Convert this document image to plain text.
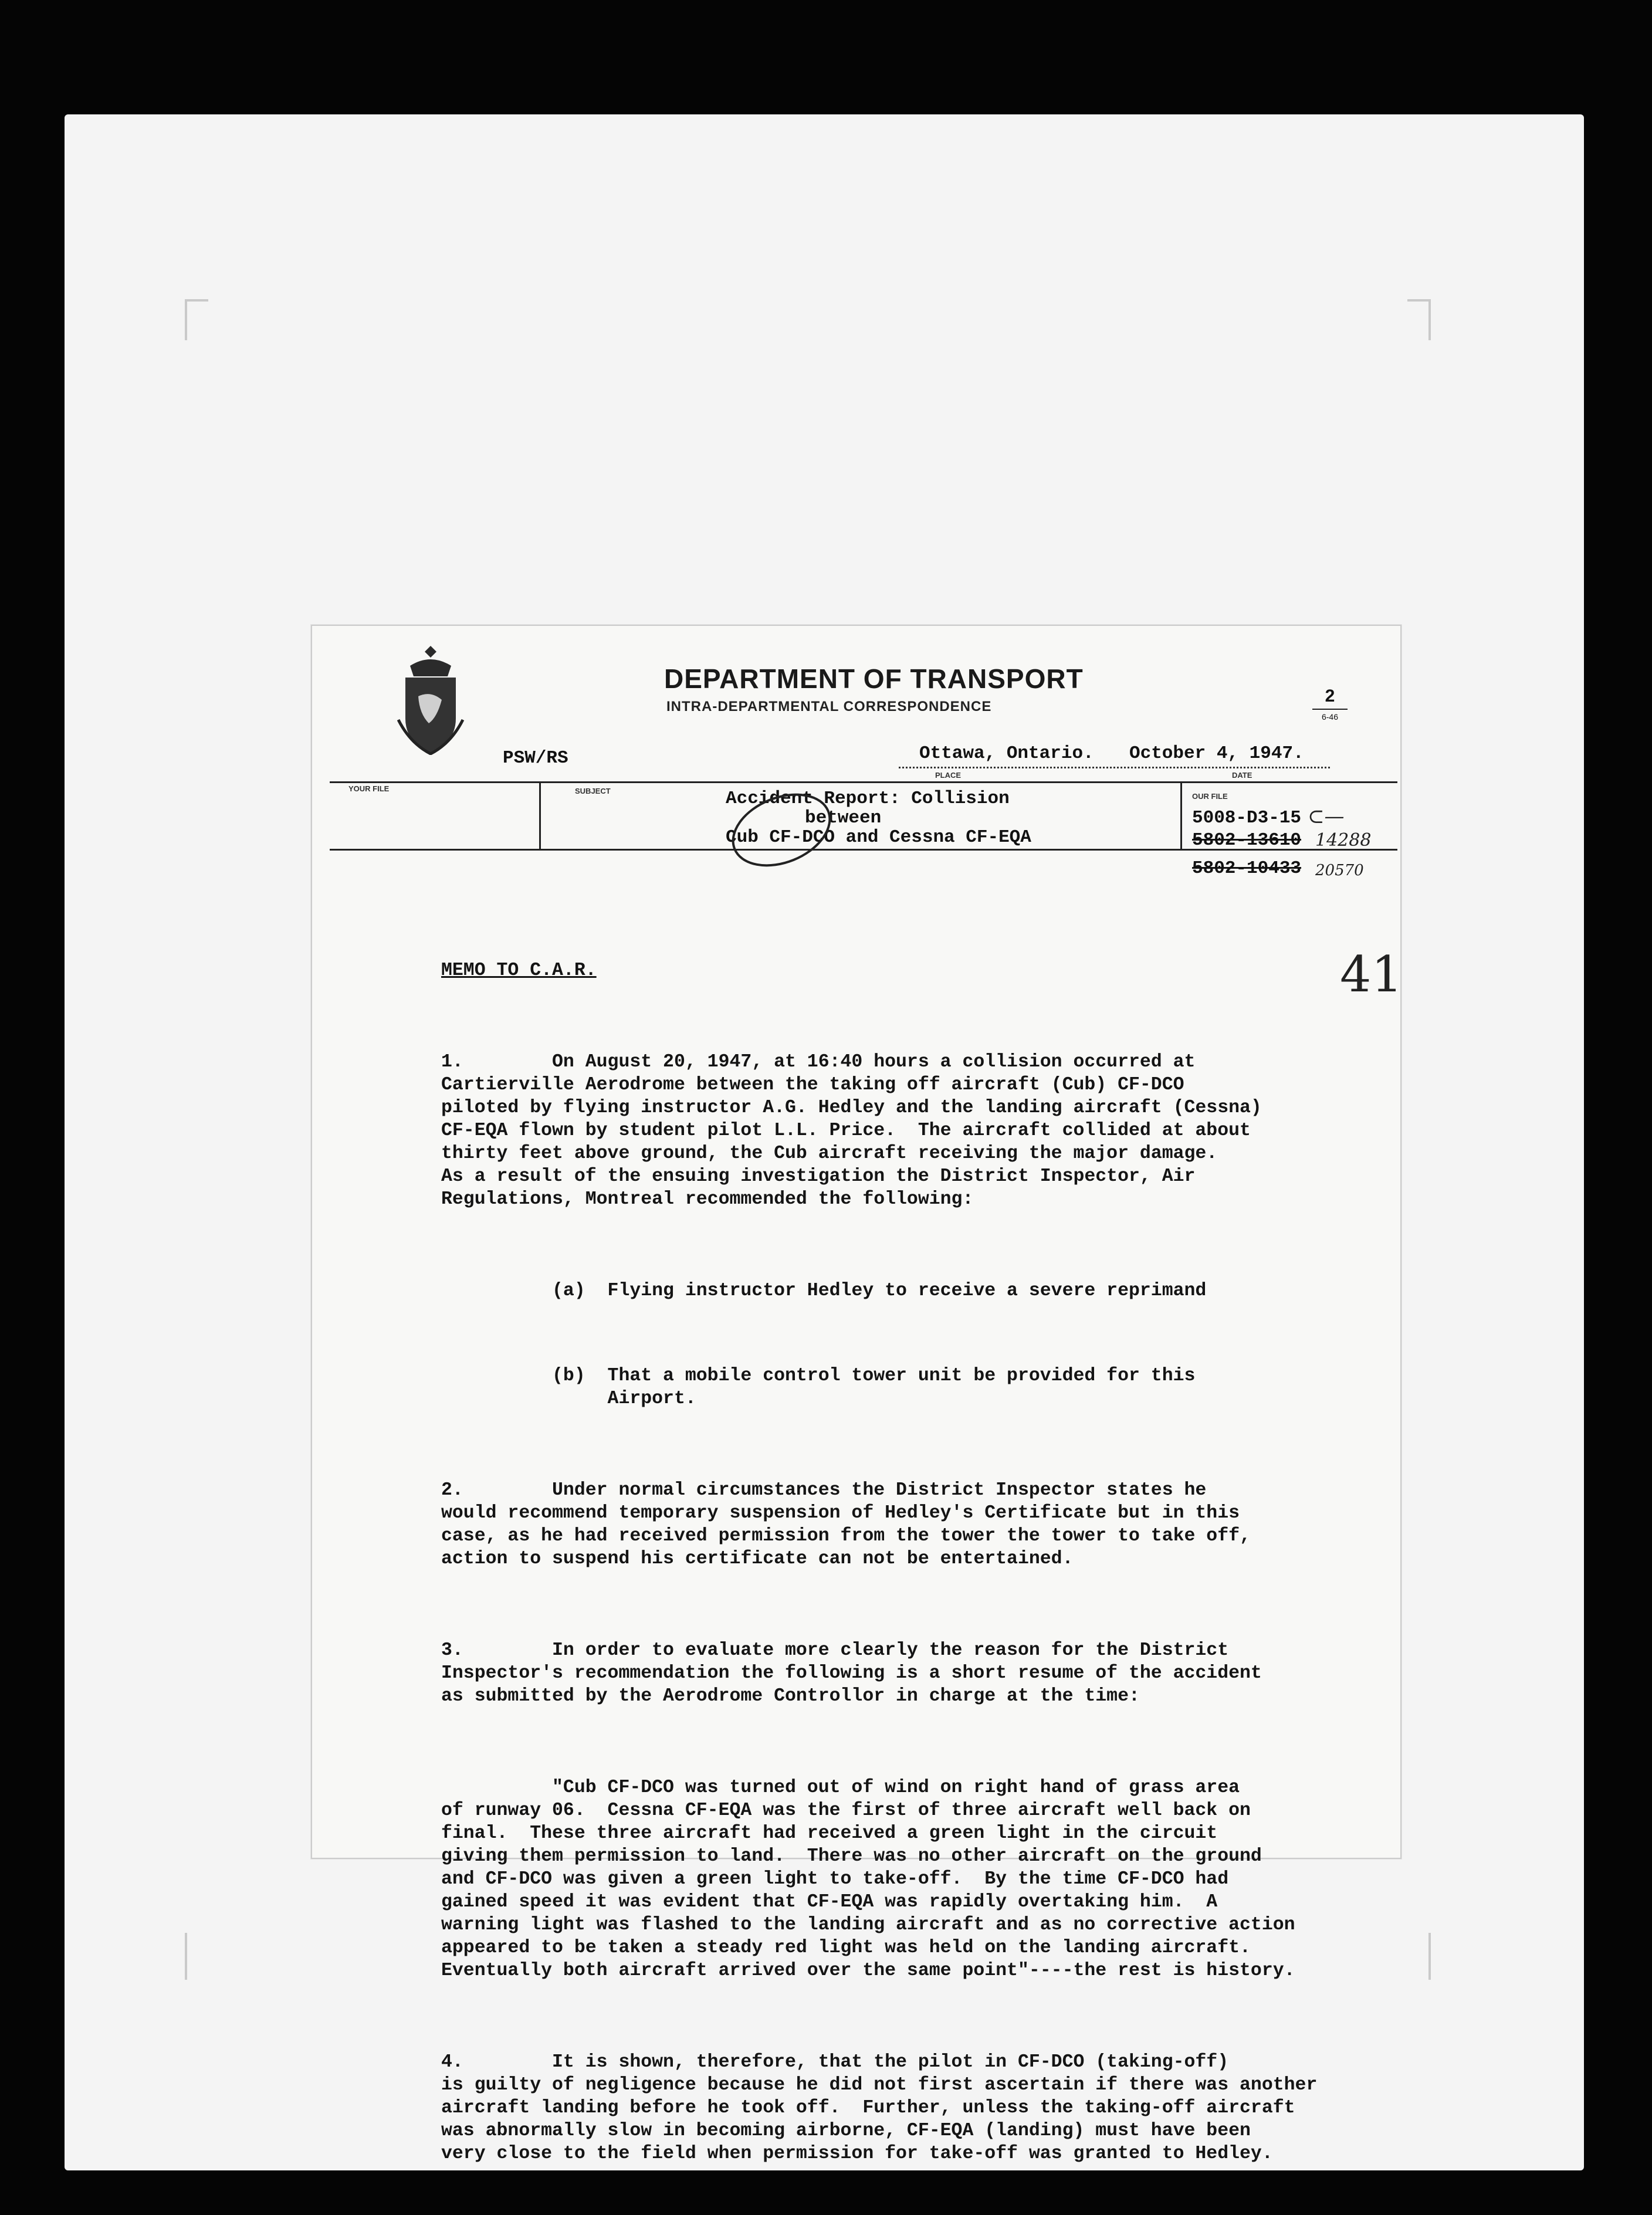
DEPARTMENT OF TRANSPORT
INTRA-DEPARTMENTAL CORRESPONDENCE
2
6-46
PSW/RS	Ottawa, Ontario. October 4, 1947.
PLACE	DATE
YOUR FILE	SUBJECT
OUR FILE
Accident Report: Collision
between
Cub CF-DCO and Cessna CF-EQA
5008-D3-15 ⊂—
5802-13610 14288
5802-10433 20570
41

MEMO TO C.A.R.

1.        On August 20, 1947, at 16:40 hours a collision occurred at
Cartierville Aerodrome between the taking off aircraft (Cub) CF-DCO
piloted by flying instructor A.G. Hedley and the landing aircraft (Cessna)
CF-EQA flown by student pilot L.L. Price.  The aircraft collided at about
thirty feet above ground, the Cub aircraft receiving the major damage.
As a result of the ensuing investigation the District Inspector, Air
Regulations, Montreal recommended the following:

(a)  Flying instructor Hedley to receive a severe reprimand

(b)  That a mobile control tower unit be provided for this
Airport.

2.        Under normal circumstances the District Inspector states he
would recommend temporary suspension of Hedley's Certificate but in this
case, as he had received permission from the tower the tower to take off,
action to suspend his certificate can not be entertained.

3.        In order to evaluate more clearly the reason for the District
Inspector's recommendation the following is a short resume of the accident
as submitted by the Aerodrome Controllor in charge at the time:

"Cub CF-DCO was turned out of wind on right hand of grass area
of runway 06.  Cessna CF-EQA was the first of three aircraft well back on
final.  These three aircraft had received a green light in the circuit
giving them permission to land.  There was no other aircraft on the ground
and CF-DCO was given a green light to take-off.  By the time CF-DCO had
gained speed it was evident that CF-EQA was rapidly overtaking him.  A
warning light was flashed to the landing aircraft and as no corrective action
appeared to be taken a steady red light was held on the landing aircraft.
Eventually both aircraft arrived over the same point"----the rest is history.

4.        It is shown, therefore, that the pilot in CF-DCO (taking-off)
is guilty of negligence because he did not first ascertain if there was another
aircraft landing before he took off.  Further, unless the taking-off aircraft
was abnormally slow in becoming airborne, CF-EQA (landing) must have been
very close to the field when permission for take-off was granted to Hedley.
